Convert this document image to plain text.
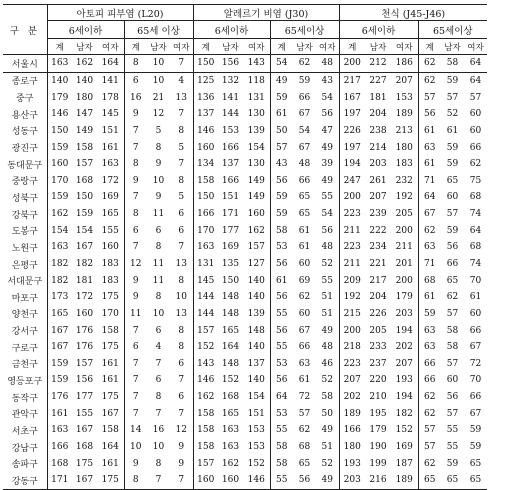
구 분	아토피 피부염 (L20)						알레르기 비염 (J30)						천식 (J45-J46)					
	6세이하			65세 이상			6세이하			65세이상			6세이하			65세이상		
	계	남자	여자	계	남자	여자	계	남자	여자	계	남자	여자	계	남자	여자	계	남자	여자
서울시	163	162	164	8	10	7	150	156	143	54	62	48	200	212	186	62	58	64
종로구	140	140	141	6	10	4	125	132	118	49	59	43	217	227	207	62	59	64
중구	179	180	178	16	21	13	136	141	131	59	66	54	167	181	153	57	57	57
용산구	146	147	145	9	12	7	137	144	130	61	67	56	197	204	189	56	52	60
성동구	150	149	151	7	5	8	146	153	139	50	54	47	226	238	213	61	61	60
광진구	159	158	161	7	8	5	160	166	154	57	67	49	197	214	180	63	59	66
동대문구	160	157	163	8	9	7	134	137	130	43	48	39	194	203	183	61	59	62
중랑구	170	168	172	9	10	8	158	166	149	56	66	49	247	261	232	71	65	75
성북구	159	150	169	7	9	5	150	151	149	59	65	55	200	207	192	64	60	68
강북구	162	159	165	8	11	6	166	171	160	59	65	54	223	239	205	67	57	74
도봉구	154	154	155	6	6	6	170	177	162	58	61	56	211	222	200	62	59	64
노원구	163	167	160	7	8	7	163	169	157	53	61	48	223	234	211	63	56	68
은평구	182	182	183	12	11	13	131	135	127	56	60	52	211	221	201	71	66	74
서대문구	182	181	183	9	11	8	145	150	140	61	69	55	209	217	200	68	65	70
마포구	173	172	175	9	8	10	144	148	140	56	62	51	192	204	179	61	62	61
양천구	165	160	170	11	10	13	144	148	139	55	60	51	215	226	203	59	57	60
강서구	167	176	158	7	6	8	157	165	148	56	67	49	200	205	194	63	58	66
구로구	167	176	175	6	4	8	152	164	140	55	66	48	218	233	202	63	58	67
금천구	159	157	161	7	7	6	143	148	137	53	63	46	223	237	207	66	57	72
영등포구	159	156	161	7	6	7	146	152	140	56	61	52	207	220	193	66	60	70
동작구	176	177	175	7	8	6	162	168	154	64	72	58	202	210	194	62	56	66
관악구	161	155	167	7	7	7	158	165	151	53	57	50	189	195	182	62	57	67
서초구	163	167	158	14	16	12	158	163	153	55	62	49	166	179	152	57	55	59
강남구	166	168	164	10	10	9	158	163	153	58	68	51	180	190	169	57	55	59
송파구	168	175	161	9	8	9	157	162	152	58	65	52	193	199	187	62	59	65
강동구	171	167	175	8	7	7	160	160	146	55	56	49	203	216	189	65	65	65
